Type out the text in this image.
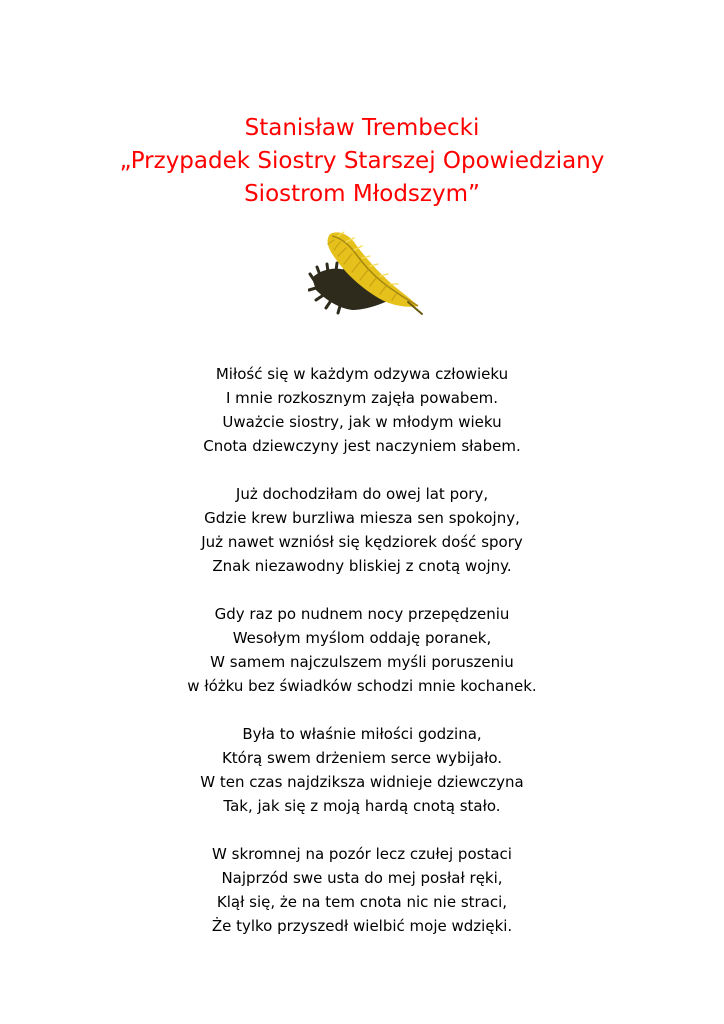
Stanisław Trembecki
„Przypadek Siostry Starszej Opowiedziany
Siostrom Młodszym”
Miłość się w każdym odzywa człowieku
I mnie rozkosznym zajęła powabem.
Uważcie siostry, jak w młodym wieku
Cnota dziewczyny jest naczyniem słabem.
Już dochodziłam do owej lat pory,
Gdzie krew burzliwa miesza sen spokojny,
Już nawet wzniósł się kędziorek dość spory
Znak niezawodny bliskiej z cnotą wojny.
Gdy raz po nudnem nocy przepędzeniu
Wesołym myślom oddaję poranek,
W samem najczulszem myśli poruszeniu
w łóżku bez świadków schodzi mnie kochanek.
Była to właśnie miłości godzina,
Którą swem drżeniem serce wybijało.
W ten czas najdziksza widnieje dziewczyna
Tak, jak się z moją hardą cnotą stało.
W skromnej na pozór lecz czułej postaci
Najprzód swe usta do mej posłał ręki,
Klął się, że na tem cnota nic nie straci,
Że tylko przyszedł wielbić moje wdzięki.
